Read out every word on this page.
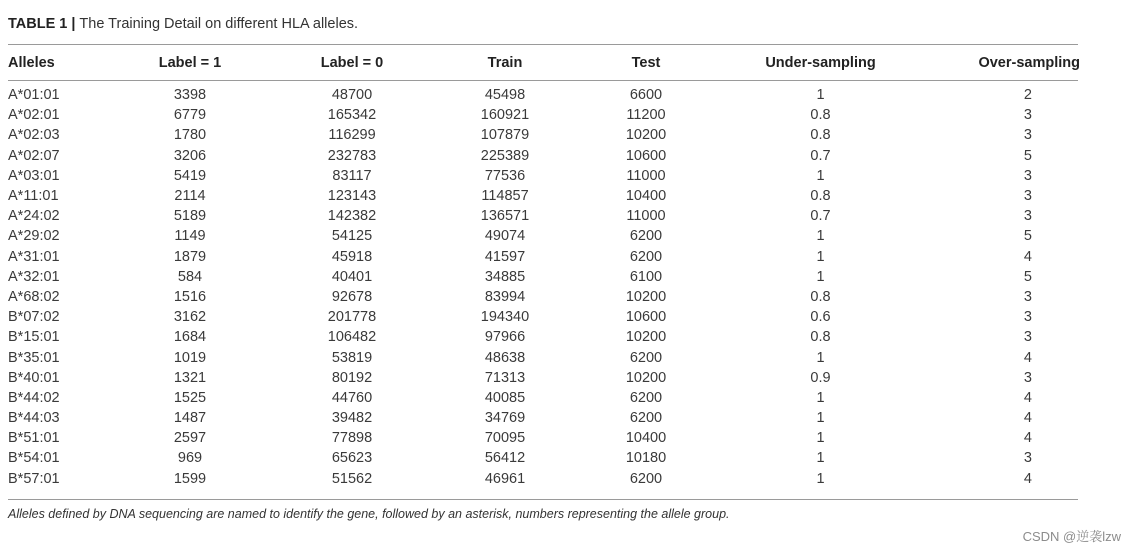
TABLE 1 | The Training Detail on different HLA alleles.
Alleles	Label = 1	Label = 0	Train	Test	Under-sampling	Over-sampling

A*01:01	3398	48700	45498	6600	1	2
A*02:01	6779	165342	160921	11200	0.8	3
A*02:03	1780	116299	107879	10200	0.8	3
A*02:07	3206	232783	225389	10600	0.7	5
A*03:01	5419	83117	77536	11000	1	3
A*11:01	2114	123143	114857	10400	0.8	3
A*24:02	5189	142382	136571	11000	0.7	3
A*29:02	1149	54125	49074	6200	1	5
A*31:01	1879	45918	41597	6200	1	4
A*32:01	584	40401	34885	6100	1	5
A*68:02	1516	92678	83994	10200	0.8	3
B*07:02	3162	201778	194340	10600	0.6	3
B*15:01	1684	106482	97966	10200	0.8	3
B*35:01	1019	53819	48638	6200	1	4
B*40:01	1321	80192	71313	10200	0.9	3
B*44:02	1525	44760	40085	6200	1	4
B*44:03	1487	39482	34769	6200	1	4
B*51:01	2597	77898	70095	10400	1	4
B*54:01	969	65623	56412	10180	1	3
B*57:01	1599	51562	46961	6200	1	4
Alleles defined by DNA sequencing are named to identify the gene, followed by an asterisk, numbers representing the allele group.
CSDN @逆袭lzw
